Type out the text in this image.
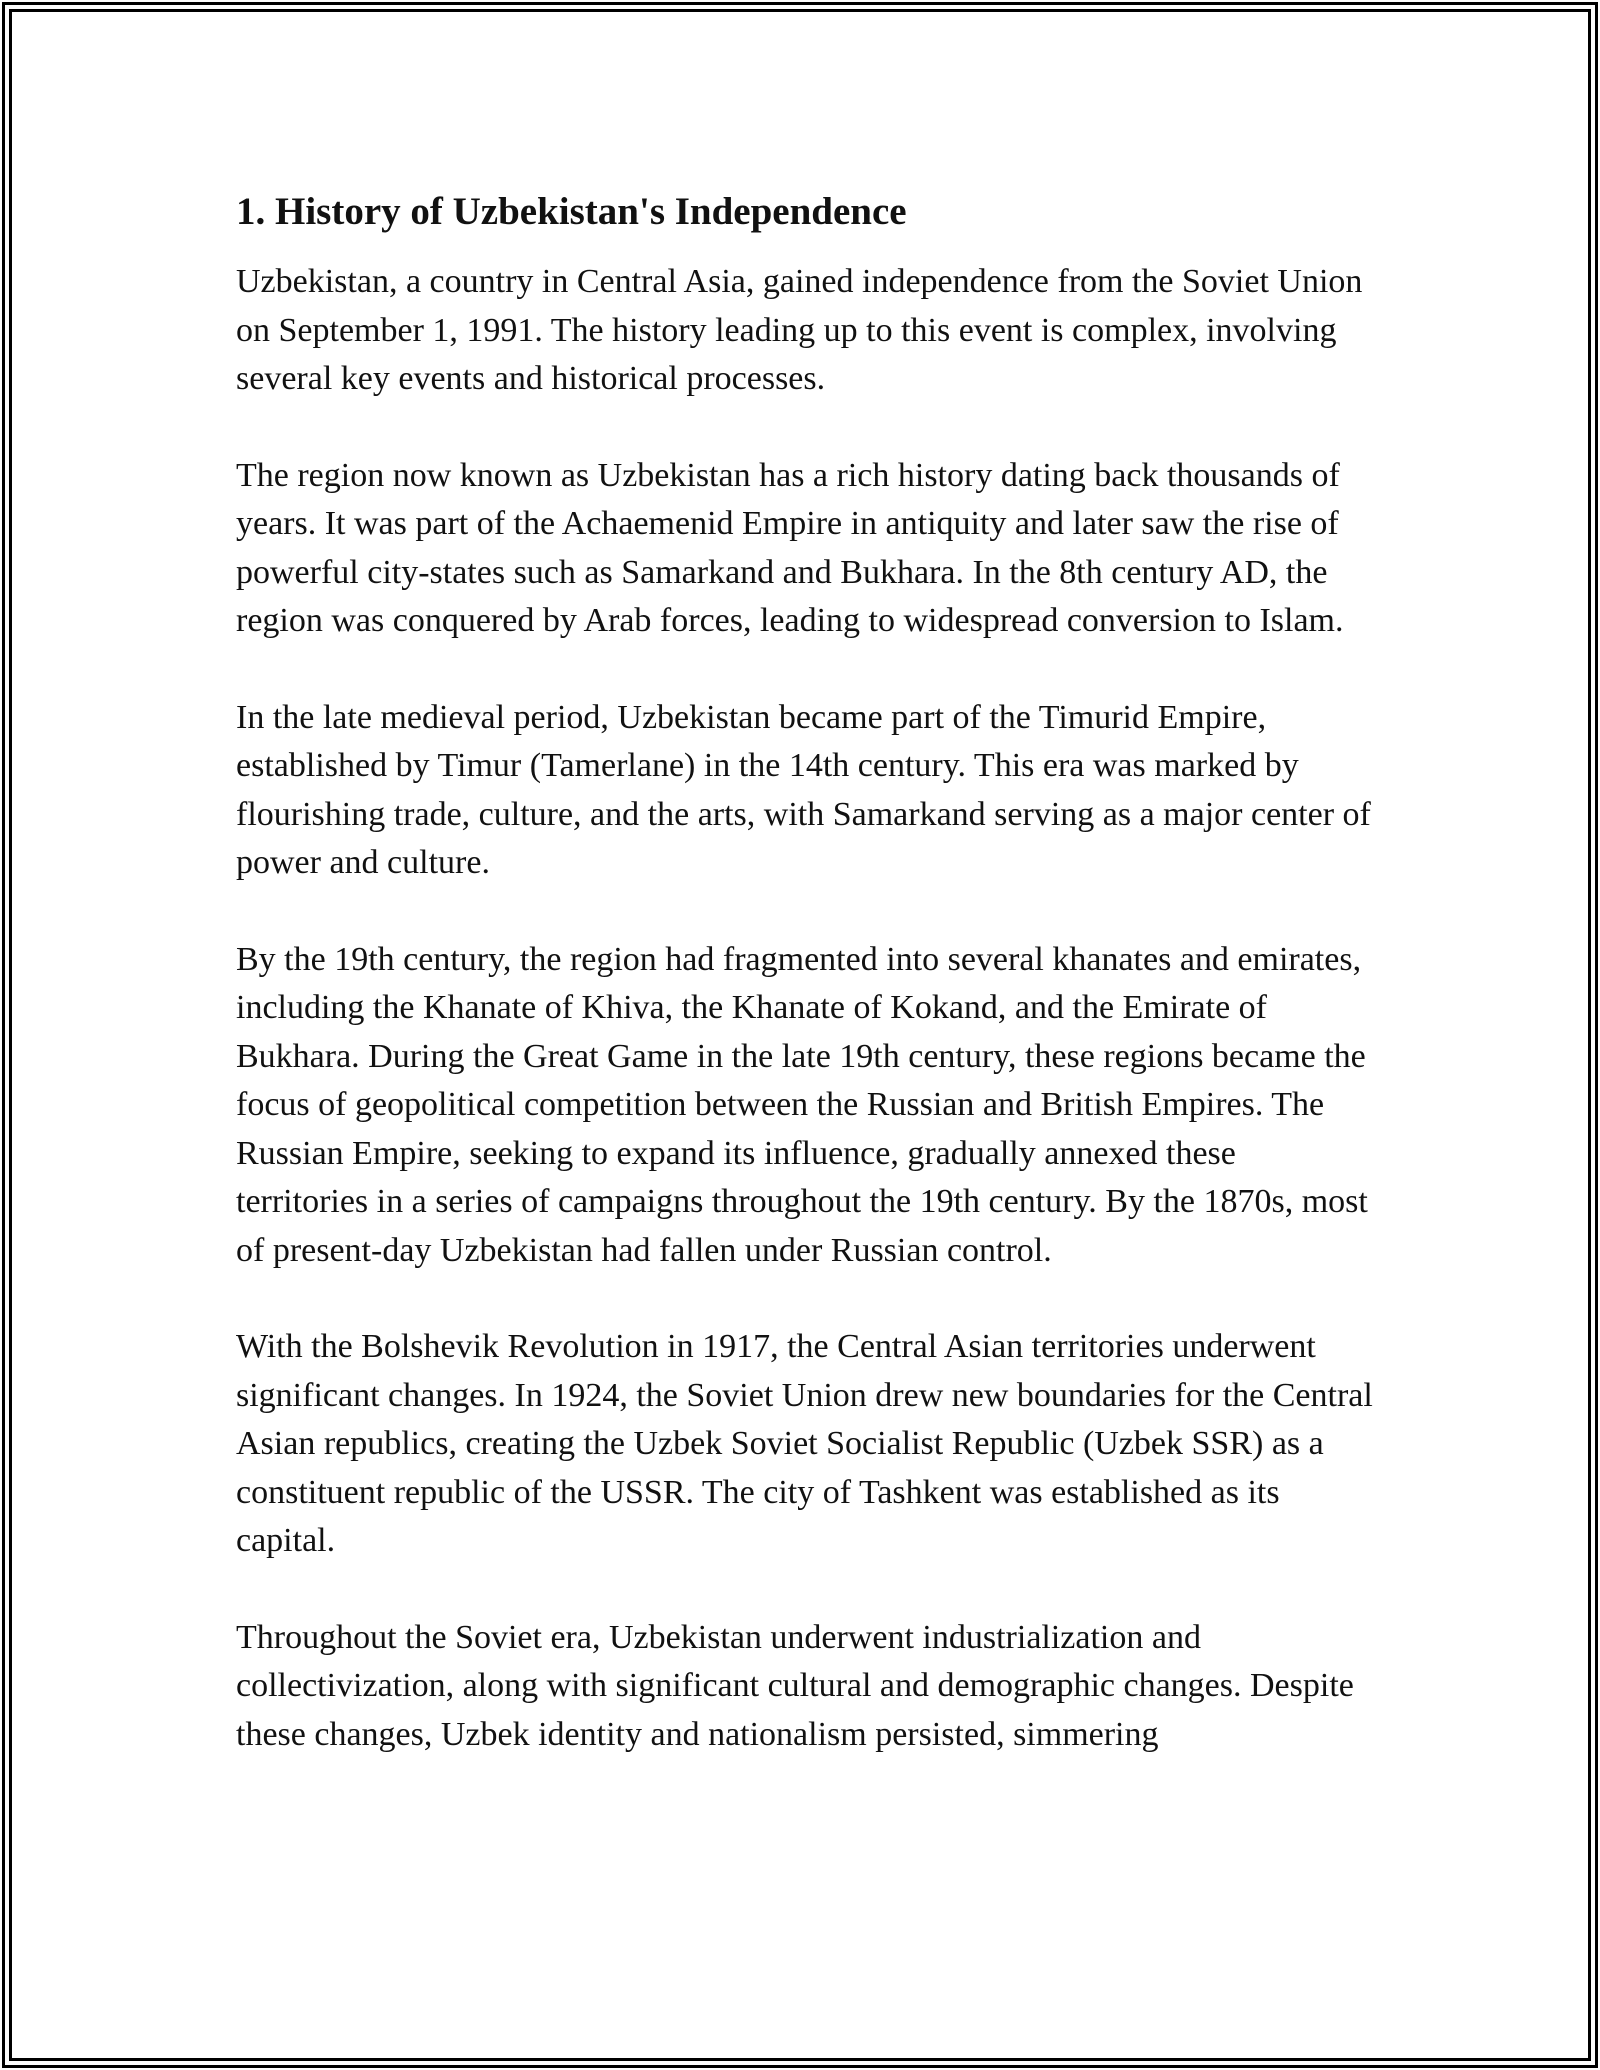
1. History of Uzbekistan's Independence

Uzbekistan, a country in Central Asia, gained independence from the Soviet Union on September 1, 1991. The history leading up to this event is complex, involving several key events and historical processes.

The region now known as Uzbekistan has a rich history dating back thousands of years. It was part of the Achaemenid Empire in antiquity and later saw the rise of powerful city-states such as Samarkand and Bukhara. In the 8th century AD, the region was conquered by Arab forces, leading to widespread conversion to Islam.

In the late medieval period, Uzbekistan became part of the Timurid Empire, established by Timur (Tamerlane) in the 14th century. This era was marked by flourishing trade, culture, and the arts, with Samarkand serving as a major center of power and culture.

By the 19th century, the region had fragmented into several khanates and emirates, including the Khanate of Khiva, the Khanate of Kokand, and the Emirate of Bukhara. During the Great Game in the late 19th century, these regions became the focus of geopolitical competition between the Russian and British Empires. The Russian Empire, seeking to expand its influence, gradually annexed these territories in a series of campaigns throughout the 19th century. By the 1870s, most of present-day Uzbekistan had fallen under Russian control.

With the Bolshevik Revolution in 1917, the Central Asian territories underwent significant changes. In 1924, the Soviet Union drew new boundaries for the Central Asian republics, creating the Uzbek Soviet Socialist Republic (Uzbek SSR) as a constituent republic of the USSR. The city of Tashkent was established as its capital.

Throughout the Soviet era, Uzbekistan underwent industrialization and collectivization, along with significant cultural and demographic changes. Despite these changes, Uzbek identity and nationalism persisted, simmering
